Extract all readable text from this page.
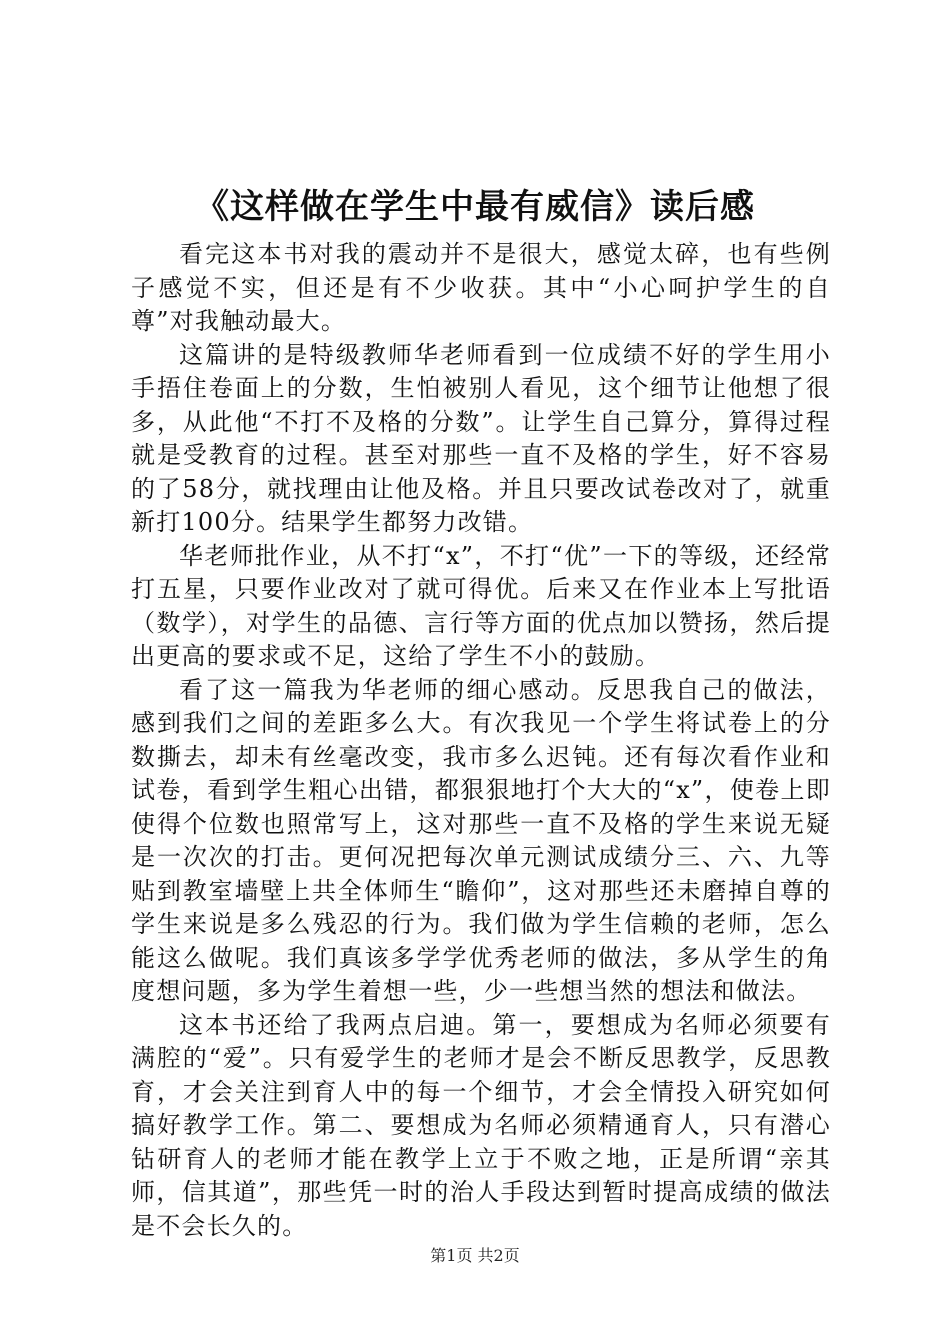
《这样做在学生中最有威信》读后感

看完这本书对我的震动并不是很大，感觉太碎，也有些例子感觉不实，但还是有不少收获。其中“小心呵护学生的自尊”对我触动最大。

这篇讲的是特级教师华老师看到一位成绩不好的学生用小手捂住卷面上的分数，生怕被别人看见，这个细节让他想了很多，从此他“不打不及格的分数”。让学生自己算分，算得过程就是受教育的过程。甚至对那些一直不及格的学生，好不容易的了58分，就找理由让他及格。并且只要改试卷改对了，就重新打100分。结果学生都努力改错。

华老师批作业，从不打“x”，不打“优”一下的等级，还经常打五星，只要作业改对了就可得优。后来又在作业本上写批语（数学），对学生的品德、言行等方面的优点加以赞扬，然后提出更高的要求或不足，这给了学生不小的鼓励。

看了这一篇我为华老师的细心感动。反思我自己的做法，感到我们之间的差距多么大。有次我见一个学生将试卷上的分数撕去，却未有丝毫改变，我市多么迟钝。还有每次看作业和试卷，看到学生粗心出错，都狠狠地打个大大的“x”，使卷上即使得个位数也照常写上，这对那些一直不及格的学生来说无疑是一次次的打击。更何况把每次单元测试成绩分三、六、九等贴到教室墙壁上共全体师生“瞻仰”，这对那些还未磨掉自尊的学生来说是多么残忍的行为。我们做为学生信赖的老师，怎么能这么做呢。我们真该多学学优秀老师的做法，多从学生的角度想问题，多为学生着想一些，少一些想当然的想法和做法。

这本书还给了我两点启迪。第一，要想成为名师必须要有满腔的“爱”。只有爱学生的老师才是会不断反思教学，反思教育，才会关注到育人中的每一个细节，才会全情投入研究如何搞好教学工作。第二、要想成为名师必须精通育人，只有潜心钻研育人的老师才能在教学上立于不败之地，正是所谓“亲其师，信其道”，那些凭一时的治人手段达到暂时提高成绩的做法是不会长久的。

第1页 共2页
